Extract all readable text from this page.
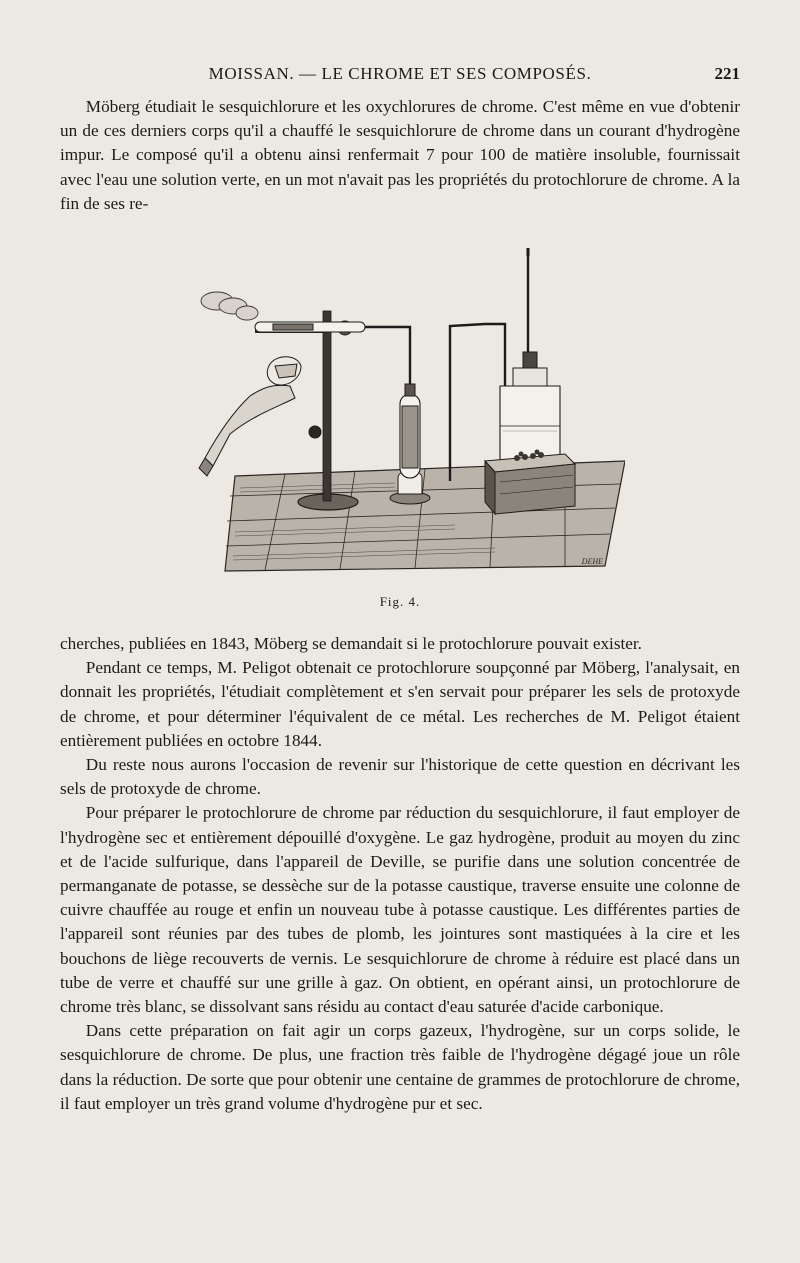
MOISSAN. — LE CHROME ET SES COMPOSÉS.	221

Möberg étudiait le sesquichlorure et les oxychlorures de chrome. C'est même en vue d'obtenir un de ces derniers corps qu'il a chauffé le sesquichlorure de chrome dans un courant d'hydrogène impur. Le composé qu'il a obtenu ainsi renfermait 7 pour 100 de matière insoluble, fournissait avec l'eau une solution verte, en un mot n'avait pas les propriétés du protochlorure de chrome. A la fin de ses re-

DEHE
Fig. 4.

cherches, publiées en 1843, Möberg se demandait si le protochlorure pouvait exister.

Pendant ce temps, M. Peligot obtenait ce protochlorure soupçonné par Möberg, l'analysait, en donnait les propriétés, l'étudiait complètement et s'en servait pour préparer les sels de protoxyde de chrome, et pour déterminer l'équivalent de ce métal. Les recherches de M. Peligot étaient entièrement publiées en octobre 1844.

Du reste nous aurons l'occasion de revenir sur l'historique de cette question en décrivant les sels de protoxyde de chrome.

Pour préparer le protochlorure de chrome par réduction du sesquichlorure, il faut employer de l'hydrogène sec et entièrement dépouillé d'oxygène. Le gaz hydrogène, produit au moyen du zinc et de l'acide sulfurique, dans l'appareil de Deville, se purifie dans une solution concentrée de permanganate de potasse, se dessèche sur de la potasse caustique, traverse ensuite une colonne de cuivre chauffée au rouge et enfin un nouveau tube à potasse caustique. Les différentes parties de l'appareil sont réunies par des tubes de plomb, les jointures sont mastiquées à la cire et les bouchons de liège recouverts de vernis. Le sesquichlorure de chrome à réduire est placé dans un tube de verre et chauffé sur une grille à gaz. On obtient, en opérant ainsi, un protochlorure de chrome très blanc, se dissolvant sans résidu au contact d'eau saturée d'acide carbonique.

Dans cette préparation on fait agir un corps gazeux, l'hydrogène, sur un corps solide, le sesquichlorure de chrome. De plus, une fraction très faible de l'hydrogène dégagé joue un rôle dans la réduction. De sorte que pour obtenir une centaine de grammes de protochlorure de chrome, il faut employer un très grand volume d'hydrogène pur et sec.
